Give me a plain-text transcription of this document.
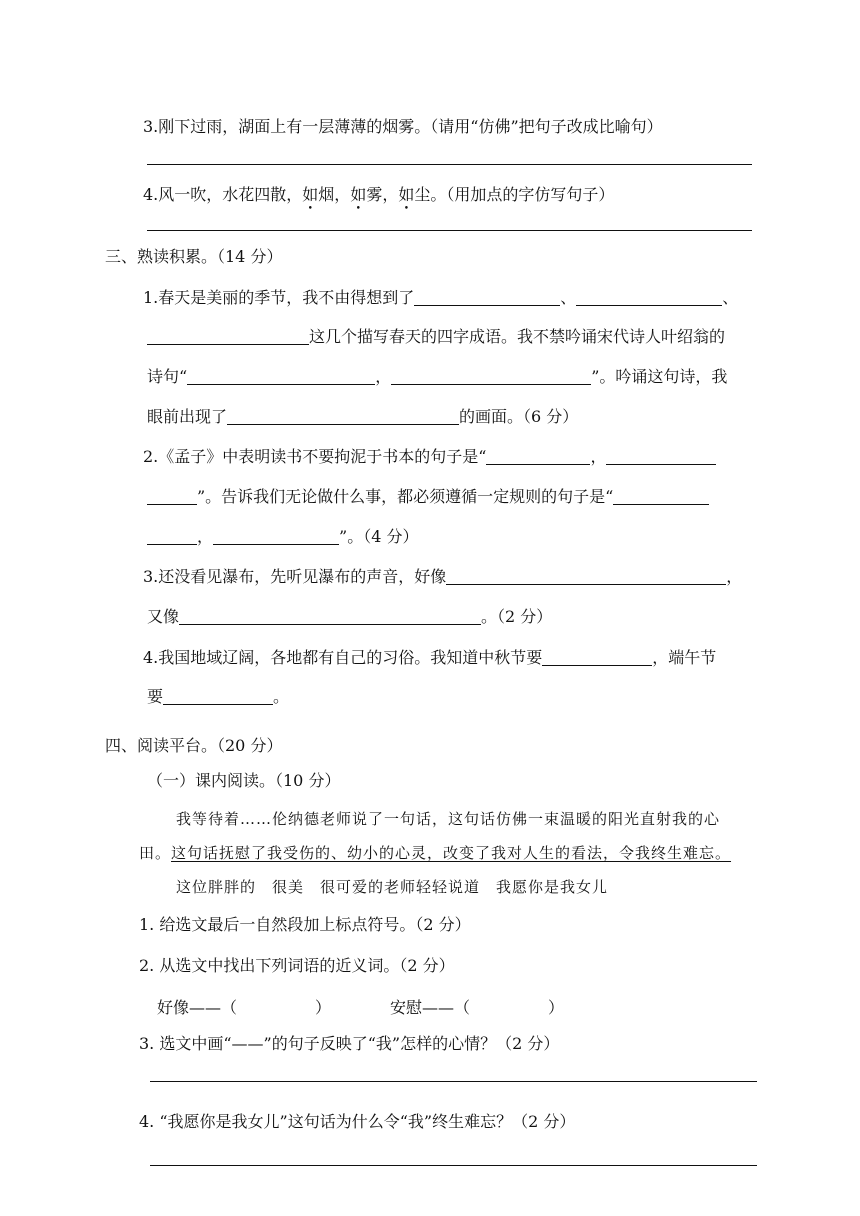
3.刚下过雨，湖面上有一层薄薄的烟雾。（请用“仿佛”把句子改成比喻句）
4.风一吹，水花四散，如烟，如雾，如尘。（用加点的字仿写句子）
三、熟读积累。（14 分）
1.春天是美丽的季节，我不由得想到了	、	、
这几个描写春天的四字成语。我不禁吟诵宋代诗人叶绍翁的
诗句“	，	”。吟诵这句诗，我
眼前出现了	的画面。（6 分）
2.《孟子》中表明读书不要拘泥于书本的句子是“	，
”。告诉我们无论做什么事，都必须遵循一定规则的句子是“
，	”。（4 分）
3.还没看见瀑布，先听见瀑布的声音，好像	，
又像	。（2 分）
4.我国地域辽阔，各地都有自己的习俗。我知道中秋节要	，端午节
要	。
四、阅读平台。（20 分）
（一）课内阅读。（10 分）
我等待着……伦纳德老师说了一句话，这句话仿佛一束温暖的阳光直射我的心
田。这句话抚慰了我受伤的、幼小的心灵，改变了我对人生的看法，令我终生难忘。
这位胖胖的　很美　很可爱的老师轻轻说道　我愿你是我女儿
1. 给选文最后一自然段加上标点符号。（2 分）
2. 从选文中找出下列词语的近义词。（2 分）
好像——（	）	安慰——（	）
3. 选文中画“——”的句子反映了“我”怎样的心情？（2 分）
4. “我愿你是我女儿”这句话为什么令“我”终生难忘？（2 分）
